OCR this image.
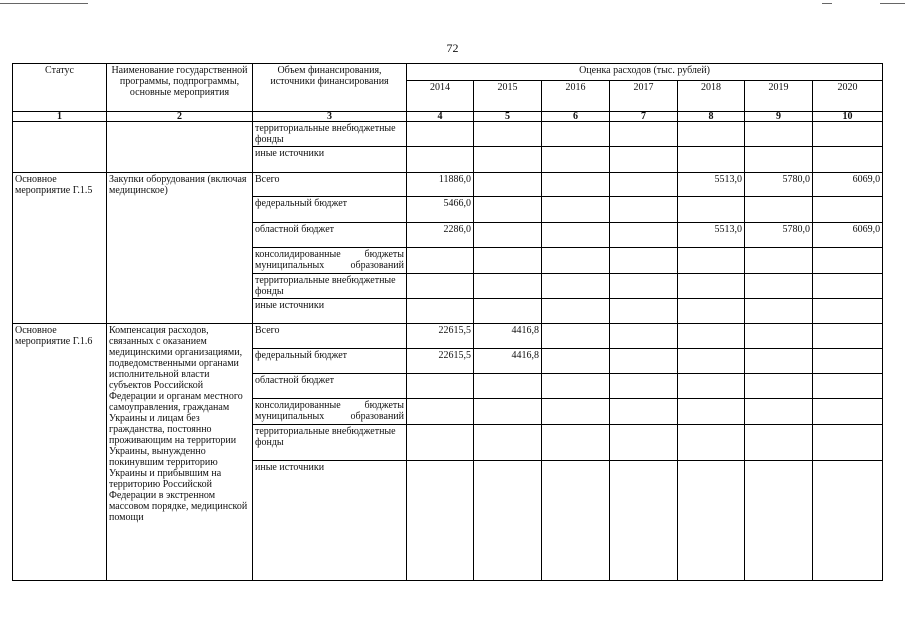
72
Статус	Наименование государственной программы, подпрограммы, основные мероприятия	Объем финансирования, источники финансирования	Оценка расходов (тыс. рублей)						
			2014	2015	2016	2017	2018	2019	2020
1	2	3	4	5	6	7	8	9	10
		территориальные внебюджетные фонды							
		иные источники							
Основное мероприятие Г.1.5	Закупки оборудования (включая медицинское)	Всего	11886,0				5513,0	5780,0	6069,0
		федеральный бюджет	5466,0						
		областной бюджет	2286,0				5513,0	5780,0	6069,0
		консолидированные бюджеты муниципальных образований							
		территориальные внебюджетные фонды							
		иные источники							
Основное мероприятие Г.1.6	Компенсация расходов, связанных с оказанием медицинскими организациями, подведомственными органами исполнительной власти субъектов Российской Федерации и органам местного самоуправления, гражданам Украины и лицам без гражданства, постоянно проживающим на территории Украины, вынужденно покинувшим территорию Украины и прибывшим на территорию Российской Федерации в экстренном массовом порядке, медицинской помощи	Всего	22615,5	4416,8					
		федеральный бюджет	22615,5	4416,8					
		областной бюджет							
		консолидированные бюджеты муниципальных образований							
		территориальные внебюджетные фонды							
		иные источники							
